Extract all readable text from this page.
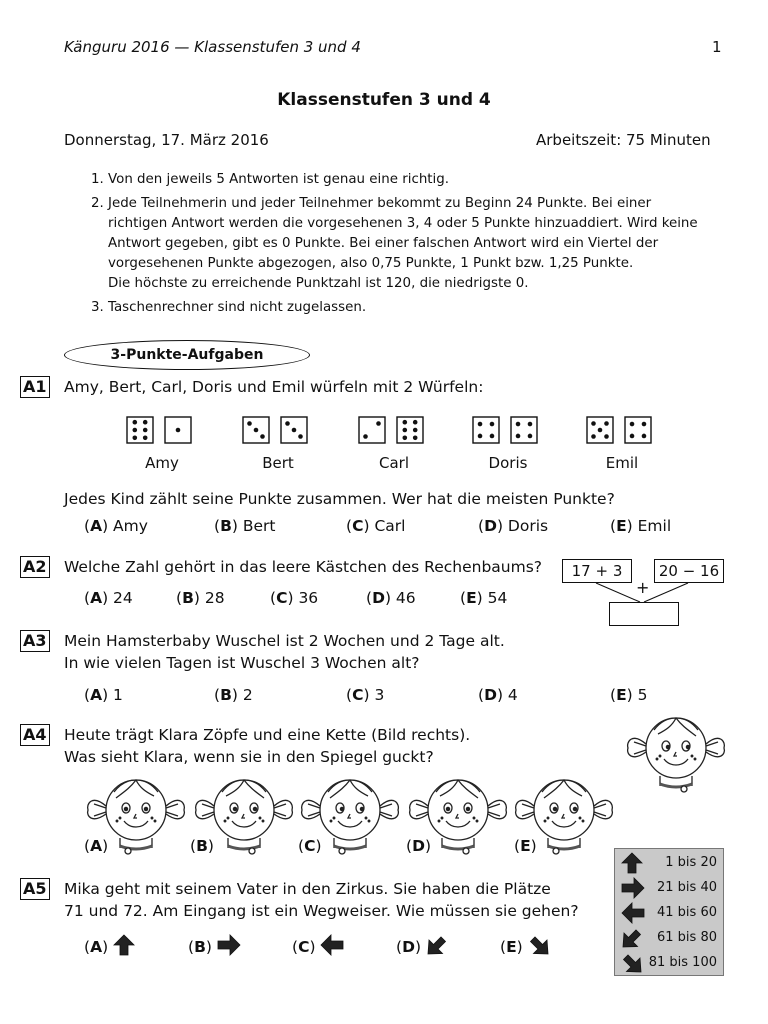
Känguru 2016 — Klassenstufen 3 und 4	1
Klassenstufen 3 und 4
Donnerstag, 17. März 2016	Arbeitszeit: 75 Minuten
1. Von den jeweils 5 Antworten ist genau eine richtig.
2. Jede Teilnehmerin und jeder Teilnehmer bekommt zu Beginn 24 Punkte. Bei einer
richtigen Antwort werden die vorgesehenen 3, 4 oder 5 Punkte hinzuaddiert. Wird keine
Antwort gegeben, gibt es 0 Punkte. Bei einer falschen Antwort wird ein Viertel der
vorgesehenen Punkte abgezogen, also 0,75 Punkte, 1 Punkt bzw. 1,25 Punkte.
Die höchste zu erreichende Punktzahl ist 120, die niedrigste 0.
3. Taschenrechner sind nicht zugelassen.
3-Punkte-Aufgaben
A1 Amy, Bert, Carl, Doris und Emil würfeln mit 2 Würfeln:
Amy	Bert	Carl	Doris	Emil
Jedes Kind zählt seine Punkte zusammen. Wer hat die meisten Punkte?
(A) Amy	(B) Bert	(C) Carl	(D) Doris	(E) Emil
A2 Welche Zahl gehört in das leere Kästchen des Rechenbaums?	17 + 3	20 − 16
+
(A) 24	(B) 28	(C) 36	(D) 46	(E) 54
A3 Mein Hamsterbaby Wuschel ist 2 Wochen und 2 Tage alt.
In wie vielen Tagen ist Wuschel 3 Wochen alt?
(A) 1	(B) 2	(C) 3	(D) 4	(E) 5
A4 Heute trägt Klara Zöpfe und eine Kette (Bild rechts).
Was sieht Klara, wenn sie in den Spiegel guckt?
(A)	(B)	(C)	(D)	(E)
A5 Mika geht mit seinem Vater in den Zirkus. Sie haben die Plätze
71 und 72. Am Eingang ist ein Wegweiser. Wie müssen sie gehen?
(A)	(B)	(C)	(D)	(E)
1 bis 20
21 bis 40
41 bis 60
61 bis 80
81 bis 100
